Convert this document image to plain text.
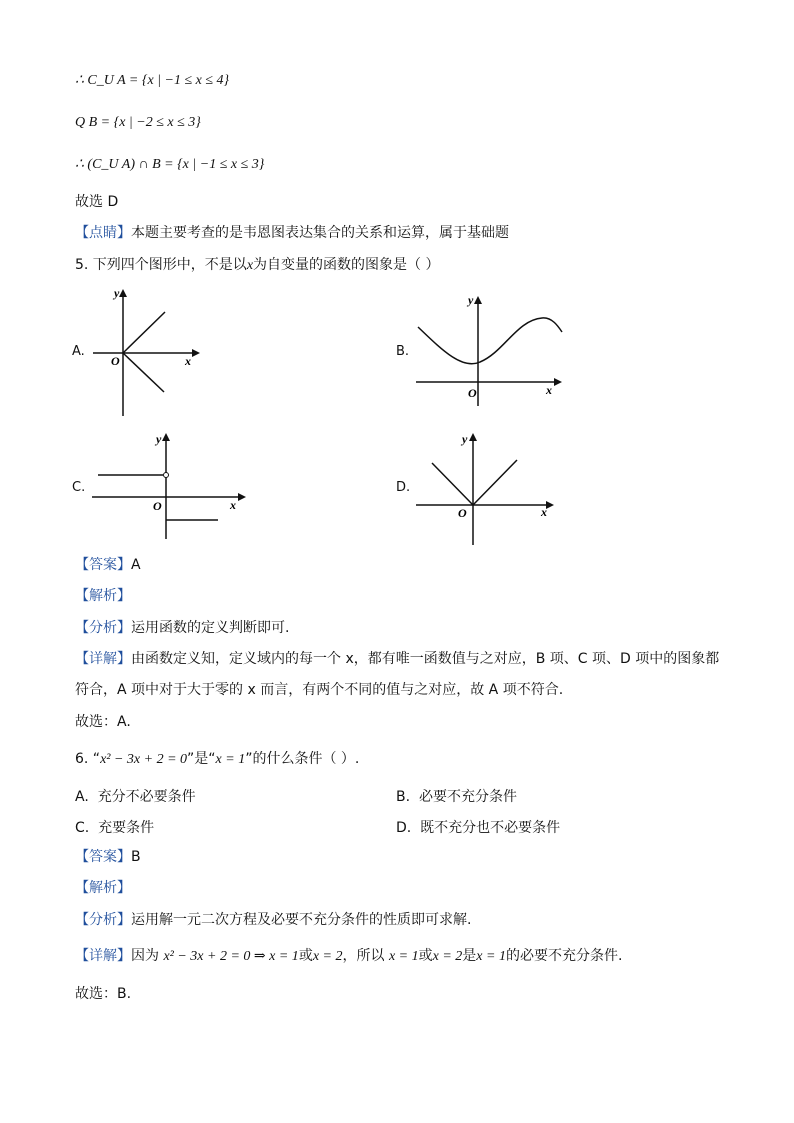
∴ C_U A = {x | −1 ≤ x ≤ 4}
Q B = {x | −2 ≤ x ≤ 3}
∴ (C_U A) ∩ B = {x | −1 ≤ x ≤ 3}
故选 D
【点睛】本题主要考查的是韦恩图表达集合的关系和运算，属于基础题
5. 下列四个图形中，不是以x为自变量的函数的图象是（ ）
A.
y
x
O
B.
y
x
O
C.
y
x
O
D.
y
x
O
【答案】A
【解析】
【分析】运用函数的定义判断即可.
【详解】由函数定义知，定义域内的每一个 x，都有唯一函数值与之对应，B 项、C 项、D 项中的图象都
符合，A 项中对于大于零的 x 而言，有两个不同的值与之对应，故 A 项不符合.
故选：A.
6. “x² − 3x + 2 = 0”是“x = 1”的什么条件（ ）.
A. 充分不必要条件	B. 必要不充分条件
C. 充要条件	D. 既不充分也不必要条件
【答案】B
【解析】
【分析】运用解一元二次方程及必要不充分条件的性质即可求解.
【详解】因为 x² − 3x + 2 = 0 ⇒ x = 1或x = 2，所以 x = 1或x = 2是x = 1的必要不充分条件.
故选：B.
